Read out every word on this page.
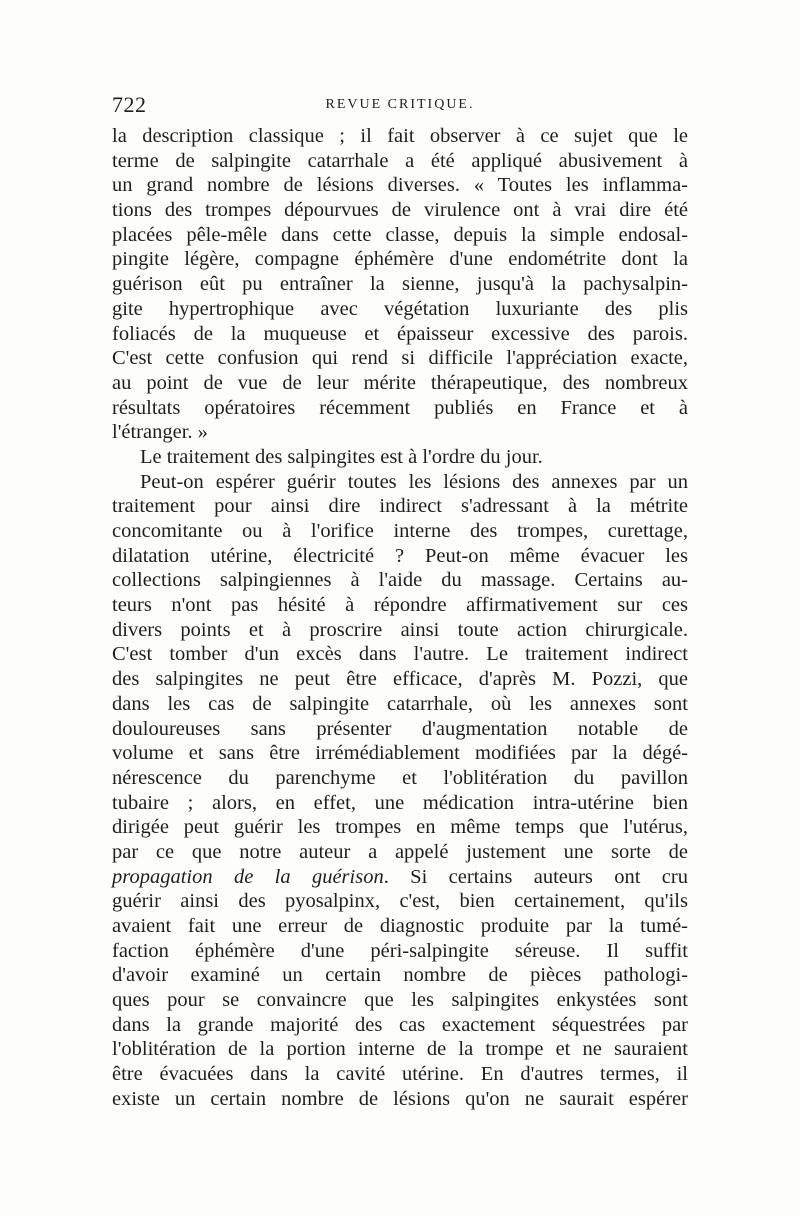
722	REVUE CRITIQUE.
la description classique ; il fait observer à ce sujet que le
terme de salpingite catarrhale a été appliqué abusivement à
un grand nombre de lésions diverses. « Toutes les inflamma-
tions des trompes dépourvues de virulence ont à vrai dire été
placées pêle-mêle dans cette classe, depuis la simple endosal-
pingite légère, compagne éphémère d'une endométrite dont la
guérison eût pu entraîner la sienne, jusqu'à la pachysalpin-
gite hypertrophique avec végétation luxuriante des plis
foliacés de la muqueuse et épaisseur excessive des parois.
C'est cette confusion qui rend si difficile l'appréciation exacte,
au point de vue de leur mérite thérapeutique, des nombreux
résultats opératoires récemment publiés en France et à
l'étranger. »
Le traitement des salpingites est à l'ordre du jour.
Peut-on espérer guérir toutes les lésions des annexes par un
traitement pour ainsi dire indirect s'adressant à la métrite
concomitante ou à l'orifice interne des trompes, curettage,
dilatation utérine, électricité ? Peut-on même évacuer les
collections salpingiennes à l'aide du massage. Certains au-
teurs n'ont pas hésité à répondre affirmativement sur ces
divers points et à proscrire ainsi toute action chirurgicale.
C'est tomber d'un excès dans l'autre. Le traitement indirect
des salpingites ne peut être efficace, d'après M. Pozzi, que
dans les cas de salpingite catarrhale, où les annexes sont
douloureuses sans présenter d'augmentation notable de
volume et sans être irrémédiablement modifiées par la dégé-
nérescence du parenchyme et l'oblitération du pavillon
tubaire ; alors, en effet, une médication intra-utérine bien
dirigée peut guérir les trompes en même temps que l'utérus,
par ce que notre auteur a appelé justement une sorte de
propagation de la guérison. Si certains auteurs ont cru
guérir ainsi des pyosalpinx, c'est, bien certainement, qu'ils
avaient fait une erreur de diagnostic produite par la tumé-
faction éphémère d'une péri-salpingite séreuse. Il suffit
d'avoir examiné un certain nombre de pièces pathologi-
ques pour se convaincre que les salpingites enkystées sont
dans la grande majorité des cas exactement séquestrées par
l'oblitération de la portion interne de la trompe et ne sauraient
être évacuées dans la cavité utérine. En d'autres termes, il
existe un certain nombre de lésions qu'on ne saurait espérer
